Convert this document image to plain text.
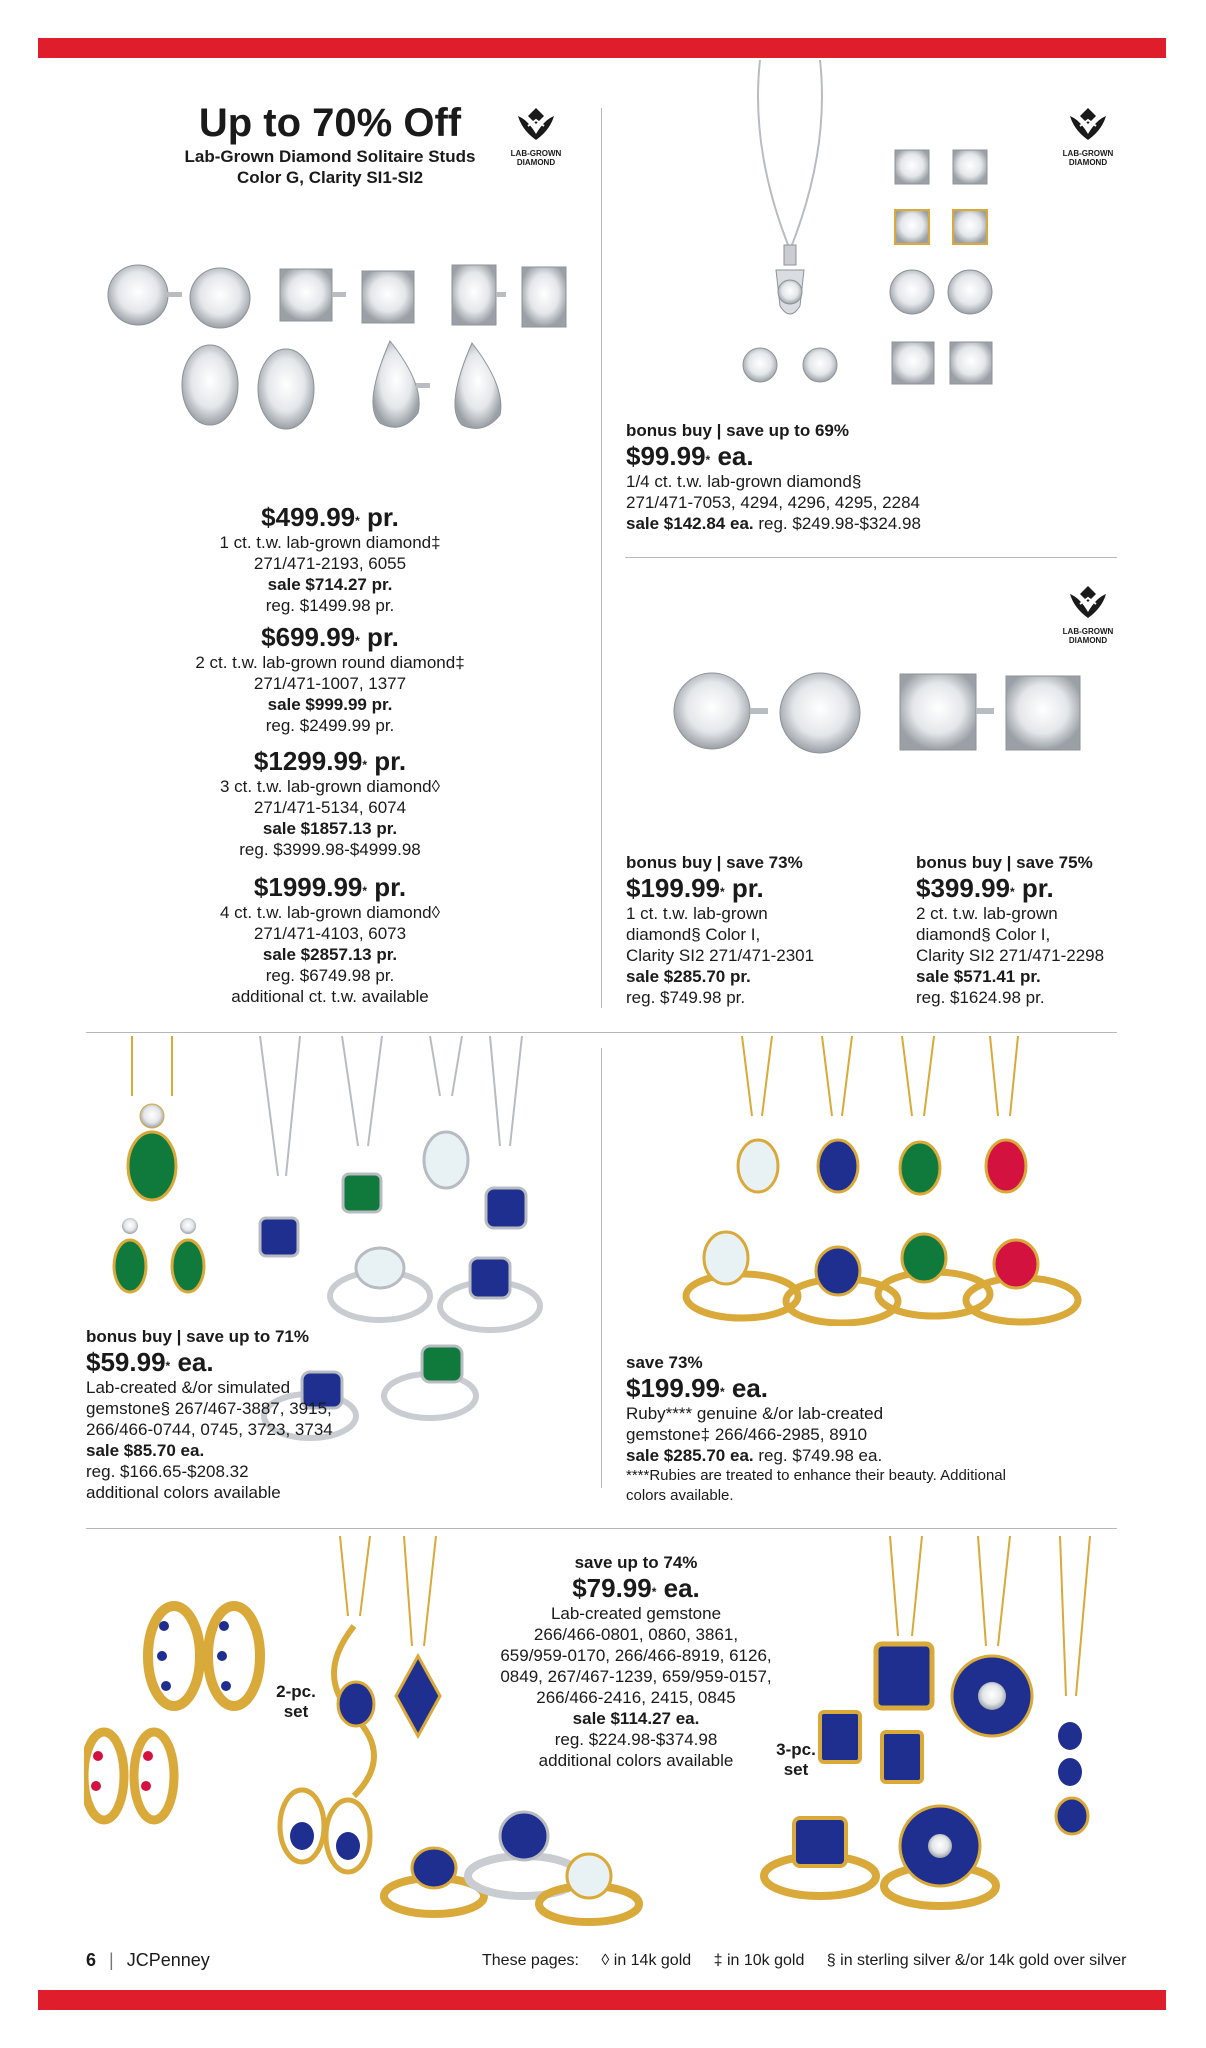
Up to 70% Off
Lab-Grown Diamond Solitaire Studs
Color G, Clarity SI1-SI2
LAB-GROWN DIAMOND
$499.99* pr.
1 ct. t.w. lab-grown diamond‡
271/471-2193, 6055
sale $714.27 pr.
reg. $1499.98 pr.
$699.99* pr.
2 ct. t.w. lab-grown round diamond‡
271/471-1007, 1377
sale $999.99 pr.
reg. $2499.99 pr.
$1299.99* pr.
3 ct. t.w. lab-grown diamond◊
271/471-5134, 6074
sale $1857.13 pr.
reg. $3999.98-$4999.98
$1999.99* pr.
4 ct. t.w. lab-grown diamond◊
271/471-4103, 6073
sale $2857.13 pr.
reg. $6749.98 pr.
additional ct. t.w. available
LAB-GROWN DIAMOND
bonus buy | save up to 69%
$99.99* ea.
1/4 ct. t.w. lab-grown diamond§
271/471-7053, 4294, 4296, 4295, 2284
sale $142.84 ea. reg. $249.98-$324.98
LAB-GROWN DIAMOND
bonus buy | save 73%
$199.99* pr.
1 ct. t.w. lab-grown
diamond§ Color I,
Clarity SI2 271/471-2301
sale $285.70 pr.
reg. $749.98 pr.
bonus buy | save 75%
$399.99* pr.
2 ct. t.w. lab-grown
diamond§ Color I,
Clarity SI2 271/471-2298
sale $571.41 pr.
reg. $1624.98 pr.
bonus buy | save up to 71%
$59.99* ea.
Lab-created &/or simulated
gemstone§ 267/467-3887, 3915,
266/466-0744, 0745, 3723, 3734
sale $85.70 ea.
reg. $166.65-$208.32
additional colors available
save 73%
$199.99* ea.
Ruby**** genuine &/or lab-created
gemstone‡ 266/466-2985, 8910
sale $285.70 ea. reg. $749.98 ea.
****Rubies are treated to enhance their beauty. Additional
colors available.
2-pc.
set
save up to 74%
$79.99* ea.
Lab-created gemstone
266/466-0801, 0860, 3861,
659/959-0170, 266/466-8919, 6126,
0849, 267/467-1239, 659/959-0157,
266/466-2416, 2415, 0845
sale $114.27 ea.
reg. $224.98-$374.98
additional colors available
3-pc.
set
6 | JCPenney	These pages: ◊ in 14k gold ‡ in 10k gold § in sterling silver &/or 14k gold over silver
